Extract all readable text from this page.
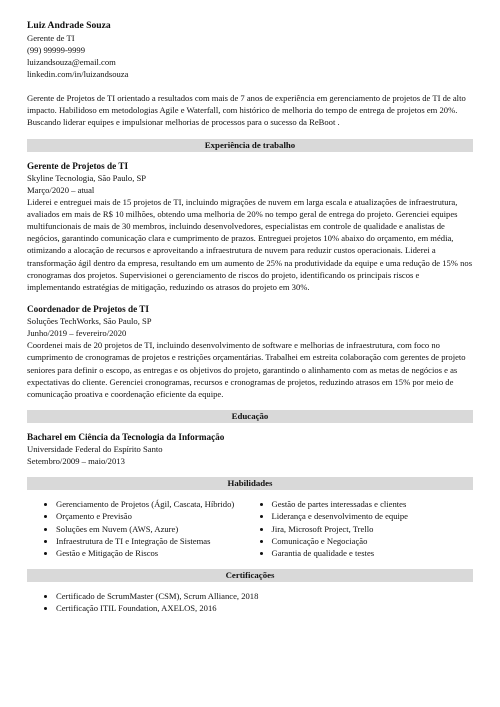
Luiz Andrade Souza
Gerente de TI
(99) 99999-9999
luizandsouza@email.com
linkedin.com/in/luizandsouza
Gerente de Projetos de TI orientado a resultados com mais de 7 anos de experiência em gerenciamento de projetos de TI de alto impacto. Habilidoso em metodologias Agile e Waterfall, com histórico de melhoria do tempo de entrega de projetos em 20%. Buscando liderar equipes e impulsionar melhorias de processos para o sucesso da ReBoot .
Experiência de trabalho
Gerente de Projetos de TI
Skyline Tecnologia, São Paulo, SP
Março/2020 – atual
Liderei e entreguei mais de 15 projetos de TI, incluindo migrações de nuvem em larga escala e atualizações de infraestrutura, avaliados em mais de R$ 10 milhões, obtendo uma melhoria de 20% no tempo geral de entrega do projeto. Gerenciei equipes multifuncionais de mais de 30 membros, incluindo desenvolvedores, especialistas em controle de qualidade e analistas de negócios, garantindo comunicação clara e cumprimento de prazos. Entreguei projetos 10% abaixo do orçamento, em média, otimizando a alocação de recursos e aproveitando a infraestrutura de nuvem para reduzir custos operacionais. Liderei a transformação ágil dentro da empresa, resultando em um aumento de 25% na produtividade da equipe e uma redução de 15% nos cronogramas dos projetos. Supervisionei o gerenciamento de riscos do projeto, identificando os principais riscos e implementando estratégias de mitigação, reduzindo os atrasos do projeto em 30%.
Coordenador de Projetos de TI
Soluções TechWorks, São Paulo, SP
Junho/2019 – fevereiro/2020
Coordenei mais de 20 projetos de TI, incluindo desenvolvimento de software e melhorias de infraestrutura, com foco no cumprimento de cronogramas de projetos e restrições orçamentárias. Trabalhei em estreita colaboração com gerentes de projeto seniores para definir o escopo, as entregas e os objetivos do projeto, garantindo o alinhamento com as metas de negócios e as expectativas do cliente. Gerenciei cronogramas, recursos e cronogramas de projetos, reduzindo atrasos em 15% por meio de comunicação proativa e coordenação eficiente da equipe.
Educação
Bacharel em Ciência da Tecnologia da Informação
Universidade Federal do Espírito Santo
Setembro/2009 – maio/2013
Habilidades
• Gerenciamento de Projetos (Ágil, Cascata, Híbrido)
• Orçamento e Previsão
• Soluções em Nuvem (AWS, Azure)
• Infraestrutura de TI e Integração de Sistemas
• Gestão e Mitigação de Riscos
• Gestão de partes interessadas e clientes
• Liderança e desenvolvimento de equipe
• Jira, Microsoft Project, Trello
• Comunicação e Negociação
• Garantia de qualidade e testes
Certificações
• Certificado de ScrumMaster (CSM), Scrum Alliance, 2018
• Certificação ITIL Foundation, AXELOS, 2016
